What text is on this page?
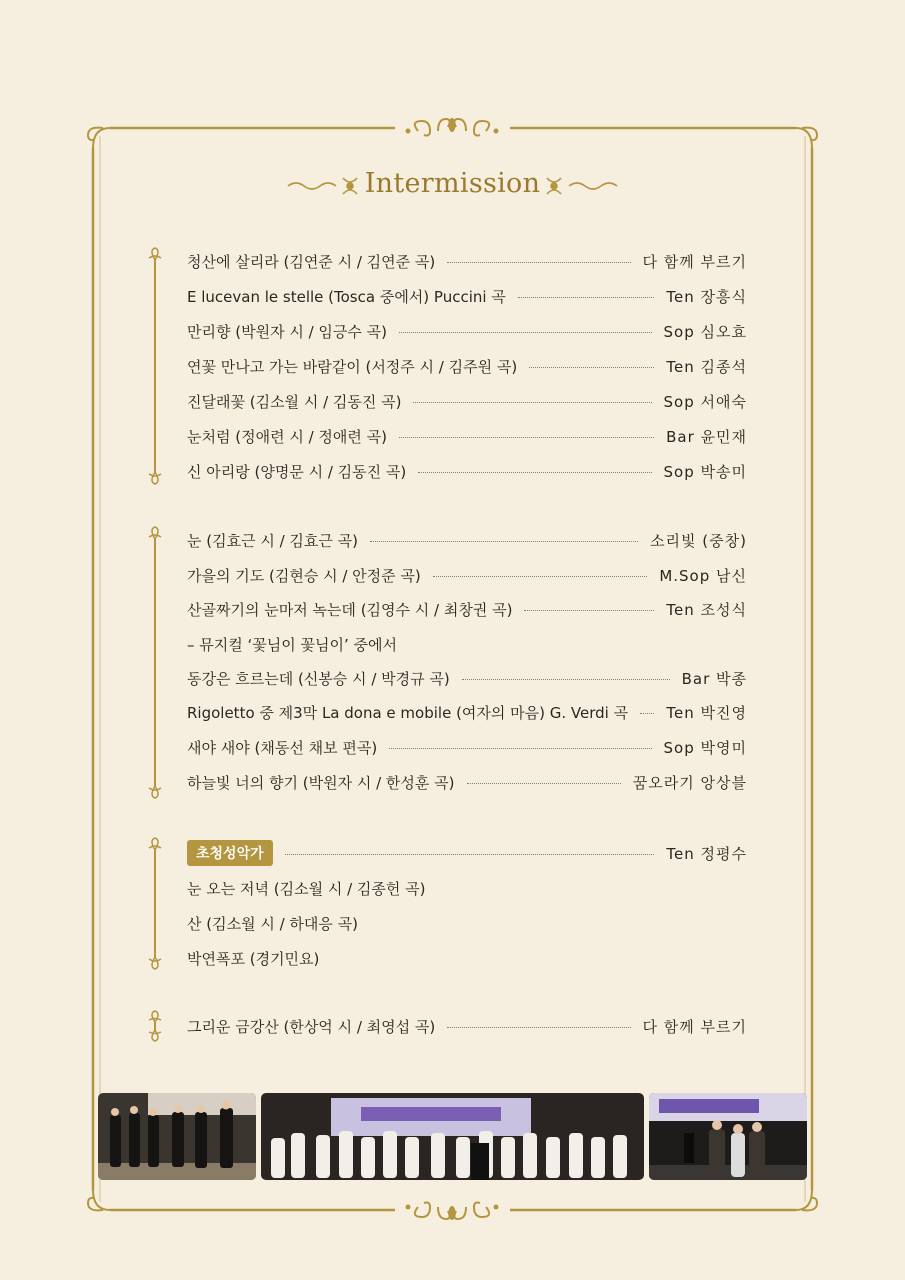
Intermission
청산에 살리라 (김연준 시 / 김연준 곡)	다 함께 부르기
E lucevan le stelle (Tosca 중에서) Puccini 곡	Ten 장흥식
만리향 (박원자 시 / 임긍수 곡)	Sop 심오효
연꽃 만나고 가는 바람같이 (서정주 시 / 김주원 곡)	Ten 김종석
진달래꽃 (김소월 시 / 김동진 곡)	Sop 서애숙
눈처럼 (정애련 시 / 정애련 곡)	Bar 윤민재
신 아리랑 (양명문 시 / 김동진 곡)	Sop 박송미
눈 (김효근 시 / 김효근 곡)	소리빛 (중창)
가을의 기도 (김현승 시 / 안정준 곡)	M.Sop 남신
산골짜기의 눈마저 녹는데 (김영수 시 / 최창권 곡)	Ten 조성식
– 뮤지컬 ‘꽃님이 꽃님이’ 중에서
동강은 흐르는데 (신봉승 시 / 박경규 곡)	Bar 박종
Rigoletto 중 제3막 La dona e mobile (여자의 마음) G. Verdi 곡	Ten 박진영
새야 새야 (채동선 채보 편곡)	Sop 박영미
하늘빛 너의 향기 (박원자 시 / 한성훈 곡)	꿈오라기 앙상블
초청성악가	Ten 정평수
눈 오는 저녁 (김소월 시 / 김종헌 곡)
산 (김소월 시 / 하대응 곡)
박연폭포 (경기민요)
그리운 금강산 (한상억 시 / 최영섭 곡)	다 함께 부르기
